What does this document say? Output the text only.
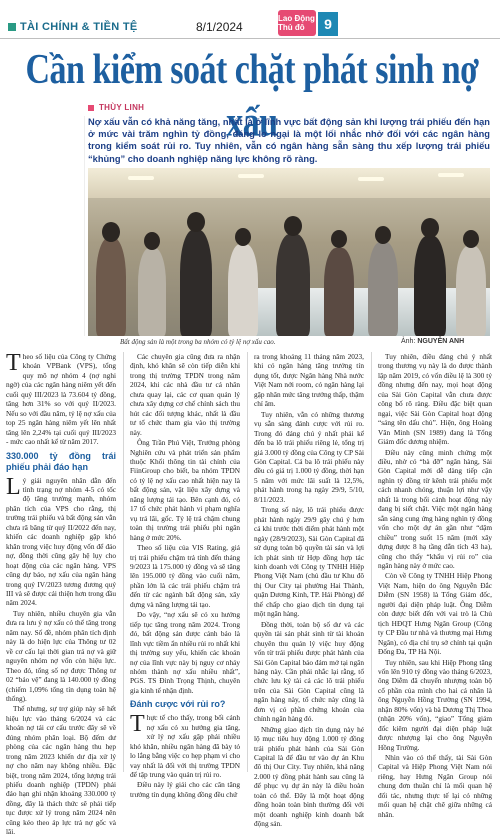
TÀI CHÍNH & TIỀN TỆ	8/1/2024
Lao Động Thủ đô	9
Cần kiểm soát chặt phát sinh nợ xấu
THÙY LINH
Nợ xấu vẫn có khả năng tăng, nhất là ở lĩnh vực bất động sản khi lượng trái phiếu đến hạn ở mức vài trăm nghìn tỷ đồng, đáng lo ngại là một lối nhắc nhở đối với các ngân hàng trong kiểm soát rủi ro. Tuy nhiên, vẫn có ngân hàng sẵn sàng thu xếp lượng trái phiếu “khủng” cho doanh nghiệp năng lực không rõ ràng.
Bất động sản là một trong ba nhóm có tỷ lệ nợ xấu cao.	Ảnh: NGUYỄN ANH

Theo số liệu của Công ty Chứng khoán VPBank (VPS), tổng quy mô nợ nhóm 4 (nợ nghi ngờ) của các ngân hàng niêm yết đến cuối quý III/2023 là 73.604 tỷ đồng, tăng hơn 31% so với quý II/2023. Nếu so với đầu năm, tỷ lệ nợ xấu của top 25 ngân hàng niêm yết lên nhất tăng lên 2,24% tại cuối quý III/2023 - mức cao nhất kể từ năm 2017.

330.000 tỷ đồng trái phiếu phải đáo hạn

Lý giải nguyên nhân dẫn đến tình trạng nợ nhóm 4-5 có tốc độ tăng trưởng mạnh, nhóm phân tích của VPS cho rằng, thị trường trái phiếu và bất động sản vẫn chưa rã băng từ quý II/2022 đến nay, khiến các doanh nghiệp gặp khó khăn trong việc huy động vốn để đáo nợ, đồng thời cũng gây hệ lụy cho hoạt động của các ngân hàng. VPS cũng dự báo, nợ xấu của ngân hàng trong quý IV/2023 tương đương quý III và sẽ được cải thiện hơn trong đầu năm 2024.

Tuy nhiên, nhiều chuyên gia vẫn đưa ra lưu ý nợ xấu có thể tăng trong năm nay. Số đề, nhóm phân tích định này là do hiện lực của Thông tư 02 về cơ cấu lại thời gian trả nợ và giữ nguyên nhóm nợ vốn còn hiệu lực. Theo đó, tổng số nợ được Thông tư 02 “bảo vệ” đang là 140.000 tỷ đồng (chiếm 1,09% tổng tín dụng toàn hệ thống).

Thế nhưng, sự trợ giúp này sẽ hết hiệu lực vào tháng 6/2024 và các khoản nợ tái cơ cấu trước đây sẽ về đúng nhóm phân loại. Bộ đếm dư phòng của các ngân hàng thu hẹp trong năm 2023 khiến dư địa xử lý nợ cho năm nay không nhiều. Đặc biệt, trong năm 2024, tổng lượng trái phiếu doanh nghiệp (TPDN) phải đáo hạn ghi nhận khoảng 330.000 tỷ đồng, đây là thách thức sẽ phải tiếp tục được xử lý trong năm 2024 nên cũng kéo theo áp lực trả nợ gốc và lãi.

Các chuyên gia cũng đưa ra nhận định, khó khăn sẽ còn tiếp diễn khi trong thị trường TPDN trong năm 2024, khi các nhà đầu tư cá nhân chưa quay lại, các cơ quan quản lý chưa xây dựng cơ chế chính sách thu hút các đối tượng khác, nhất là đầu tư tổ chức tham gia vào thị trường này.

Ông Trần Phú Việt, Trưởng phòng Nghiên cứu và phát triển sản phẩm thuộc Khối thông tin tài chính của FiinGroup cho biết, ba nhóm TPDN có tỷ lệ nợ xấu cao nhất hiện nay là bất động sản, vật liệu xây dựng và năng lượng tái tạo. Bên cạnh đó, có 17 tổ chức phát hành vi phạm nghĩa vụ trả lãi, gốc. Tỷ lệ trả chậm chung toàn thị trường trái phiếu phi ngân hàng ở mức 20%.

Theo số liệu của VIS Rating, giá trị trái phiếu chậm trả tính đến tháng 9/2023 là 175.000 tỷ đồng và sẽ tăng lên 195.000 tỷ đồng vào cuối năm, phần lớn là các trái phiếu chậm trả đến từ các ngành bất động sản, xây dựng và năng lượng tái tạo.

Do vậy, “nợ xấu sẽ có xu hướng tiếp tục tăng trong năm 2024. Trong đó, bất động sản được cảnh báo là lĩnh vực tiềm ẩn nhiều rủi ro nhất khi thị trường suy yếu, khiến các khoản nợ của lĩnh vực này bị nguy cơ nhảy nhóm thành nợ xấu nhiều nhất”, PGS. TS Đinh Trọng Thịnh, chuyên gia kinh tế nhận định.

Đánh cược với rủi ro?

Thực tế cho thấy, trong bối cảnh nợ xấu có xu hướng gia tăng, xử lý nợ xấu gặp phải nhiều khó khăn, nhiều ngân hàng đã bày tỏ lo lắng bằng việc co hẹp phạm vi cho vay nhất là đối với thị trường TPDN để tập trung vào quản trị rủi ro.

Điều này lý giải cho các cân tăng trưởng tín dụng không đồng đều chứ

ra trong khoảng 11 tháng năm 2023, khi có ngân hàng tăng trưởng tín dụng tốt, được Ngân hàng Nhà nước Việt Nam nới room, có ngân hàng lại gặp nhân mức tăng trưởng thấp, thậm chí âm.

Tuy nhiên, vẫn có những thương vụ sẵn sàng đánh cược với rủi ro. Trong đó đáng chú ý nhất phải kể đến ba lô trái phiếu riêng lẻ, tổng trị giá 3.000 tỷ đồng của Công ty CP Sài Gòn Capital. Cả ba lô trái phiếu này đều có giá trị 1.000 tỷ đồng, thời hạn 5 năm với mức lãi suất là 12,5%, phát hành trong hạ ngày 29/9, 5/10, 8/11/2023.

Trong số này, lô trái phiếu được phát hành ngày 29/9 gây chú ý hơn cả khi trước thời điểm phát hành một ngày (28/9/2023), Sài Gòn Capital đã sử dụng toàn bộ quyền tài sản và lợi ích phát sinh từ Hợp đồng hợp tác kinh doanh với Công ty TNHH Hiệp Phong Việt Nam (chủ đầu tư Khu đô thị Our City tại phường Hai Thành, quận Dương Kinh, TP. Hải Phòng) để thế chấp cho giao dịch tín dụng tại một ngân hàng.

Đồng thời, toàn bộ số dư và các quyền tài sản phát sinh từ tài khoản chuyên thu quản lý việc huy động vốn từ trái phiếu được phát hành của Sài Gòn Capital bảo đảm mở tại ngân hàng này. Cần phải nhắc lại rằng, tổ chức lưu ký tài cả các lô trái phiếu trên của Sài Gòn Capital cũng là ngân hàng này, tổ chức này cũng là đơn vị có phần chứng khoán của chính ngân hàng đó.

Những giao dịch tín dụng này hé lộ mục tiêu huy động 1.000 tỷ đồng trái phiếu phát hành của Sài Gòn Capital là để đầu tư vào dự án Khu đô thị Our City. Tuy nhiên, khả năng 2.000 tỷ đồng phát hành sau cũng là để phục vụ dự án này là điều hoàn toàn có thể. Đây là một hoạt động đồng hoàn toàn bình thường đối với một doanh nghiệp kinh doanh bất động sản.

Tuy nhiên, điều đáng chú ý nhất trong thương vụ này là do được thành lập năm 2019, có vốn điều lệ là 300 tỷ đồng nhưng đến nay, mọi hoạt động của Sài Gòn Capital vẫn chưa được công bố rõ ràng. Điều đặc biệt quan ngại, việc Sài Gòn Capital hoạt động “sáng tên dấu chủ”. Hiện, ông Hoàng Văn Minh (SN 1989) đang là Tổng Giám đốc dương nhiệm.

Điều này cũng minh chứng một điều, nhờ có “bà đỡ” ngân hàng, Sài Gòn Capital mới dễ dàng tiếp cận nghìn tỷ đồng từ kênh trái phiếu một cách nhanh chóng, thuận lợi như vậy nhất là trong bối cảnh hoạt động này đang bị siết chặt. Việc một ngân hàng sẵn sàng cung ứng hàng nghìn tỷ đồng vốn cho một dự án gần như “dậm chiều” trong suốt 15 năm (mới xây dựng được 8 hạ tầng dẫn tích 43 ha), cũng cho thấy “khẩu vị rủi ro” của ngân hàng này ở mức cao.

Còn về Công ty TNHH Hiệp Phong Việt Nam, hiện do ông Nguyễn Đắc Diễm (SN 1958) là Tổng Giám đốc, người đại diện pháp luật. Ông Diễm còn được biết đến với vai trò là Chủ tịch HĐQT Hưng Ngân Group (Công ty CP Đầu tư nhà và thương mại Hưng Ngân), có địa chỉ trụ sở chính tại quận Đống Đa, TP Hà Nội.

Tuy nhiên, sau khi Hiệp Phong tăng vốn lên 910 tỷ đồng vào tháng 6/2023, ông Diễm đã chuyển nhượng toàn bộ cổ phần của mình cho hai cá nhân là ông Nguyễn Hồng Trường (SN 1994, nhận 80% vốn) và bà Dương Thị Thoa (nhận 20% vốn), “giao” Tổng giám đốc kiêm người đại diện pháp luật được nhượng lại cho ông Nguyễn Hồng Trường.

Nhìn vào có thể thấy, tài Sài Gòn Capital và Hiệp Phong Việt Nam nói riêng, hay Hưng Ngân Group nói chung đơn thuần chỉ là mối quan hệ đối tác, nhưng thực tế lại có những mối quan hệ chặt chẽ giữa những cá nhân.
